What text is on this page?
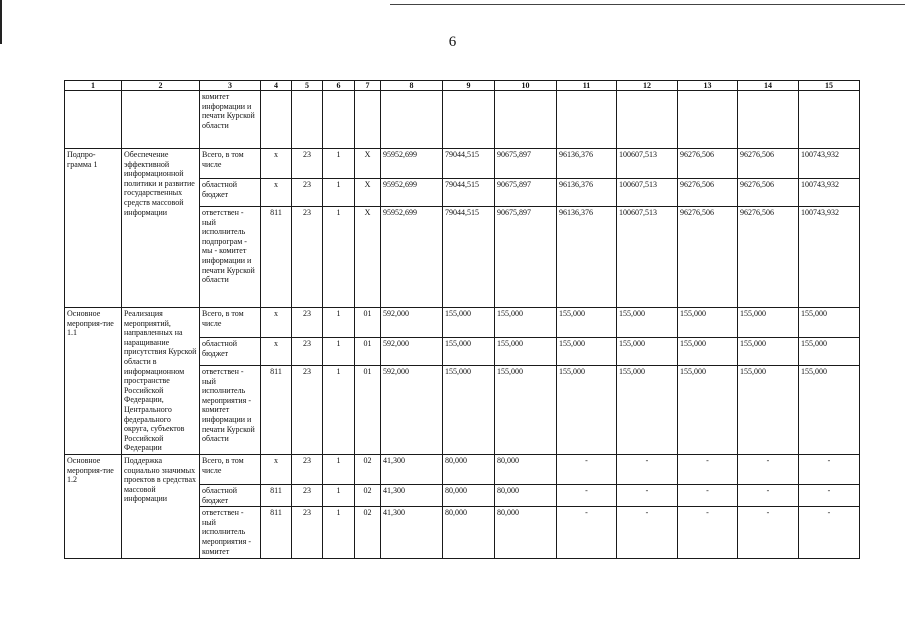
6
1	2	3	4	5	6	7	8	9	10	11	12	13	14	15
		комитет информации и печати Курской области												
Подпро-грамма 1	Обеспечение эффективной информационной политики и развитие государственных средств массовой информации	Всего, в том числе	х	23	1	Х	95952,699	79044,515	90675,897	96136,376	100607,513	96276,506	96276,506	100743,932
		областной бюджет	х	23	1	Х	95952,699	79044,515	90675,897	96136,376	100607,513	96276,506	96276,506	100743,932
		ответствен - ный исполнитель подпрограм - мы - комитет информации и печати Курской области	811	23	1	Х	95952,699	79044,515	90675,897	96136,376	100607,513	96276,506	96276,506	100743,932
Основное мероприя-тие 1.1	Реализация мероприятий, направленных на наращивание присутствия Курской области в информационном пространстве Российской Федерации, Центрального федерального округа, субъектов Российской Федерации	Всего, в том числе	х	23	1	01	592,000	155,000	155,000	155,000	155,000	155,000	155,000	155,000
		областной бюджет	х	23	1	01	592,000	155,000	155,000	155,000	155,000	155,000	155,000	155,000
		ответствен - ный исполнитель мероприятия - комитет информации и печати Курской области	811	23	1	01	592,000	155,000	155,000	155,000	155,000	155,000	155,000	155,000
Основное мероприя-тие 1.2	Поддержка социально значимых проектов в средствах массовой информации	Всего, в том числе	х	23	1	02	41,300	80,000	80,000	-	-	-	-	-
		областной бюджет	811	23	1	02	41,300	80,000	80,000	-	-	-	-	-
		ответствен - ный исполнитель мероприятия - комитет	811	23	1	02	41,300	80,000	80,000	-	-	-	-	-
